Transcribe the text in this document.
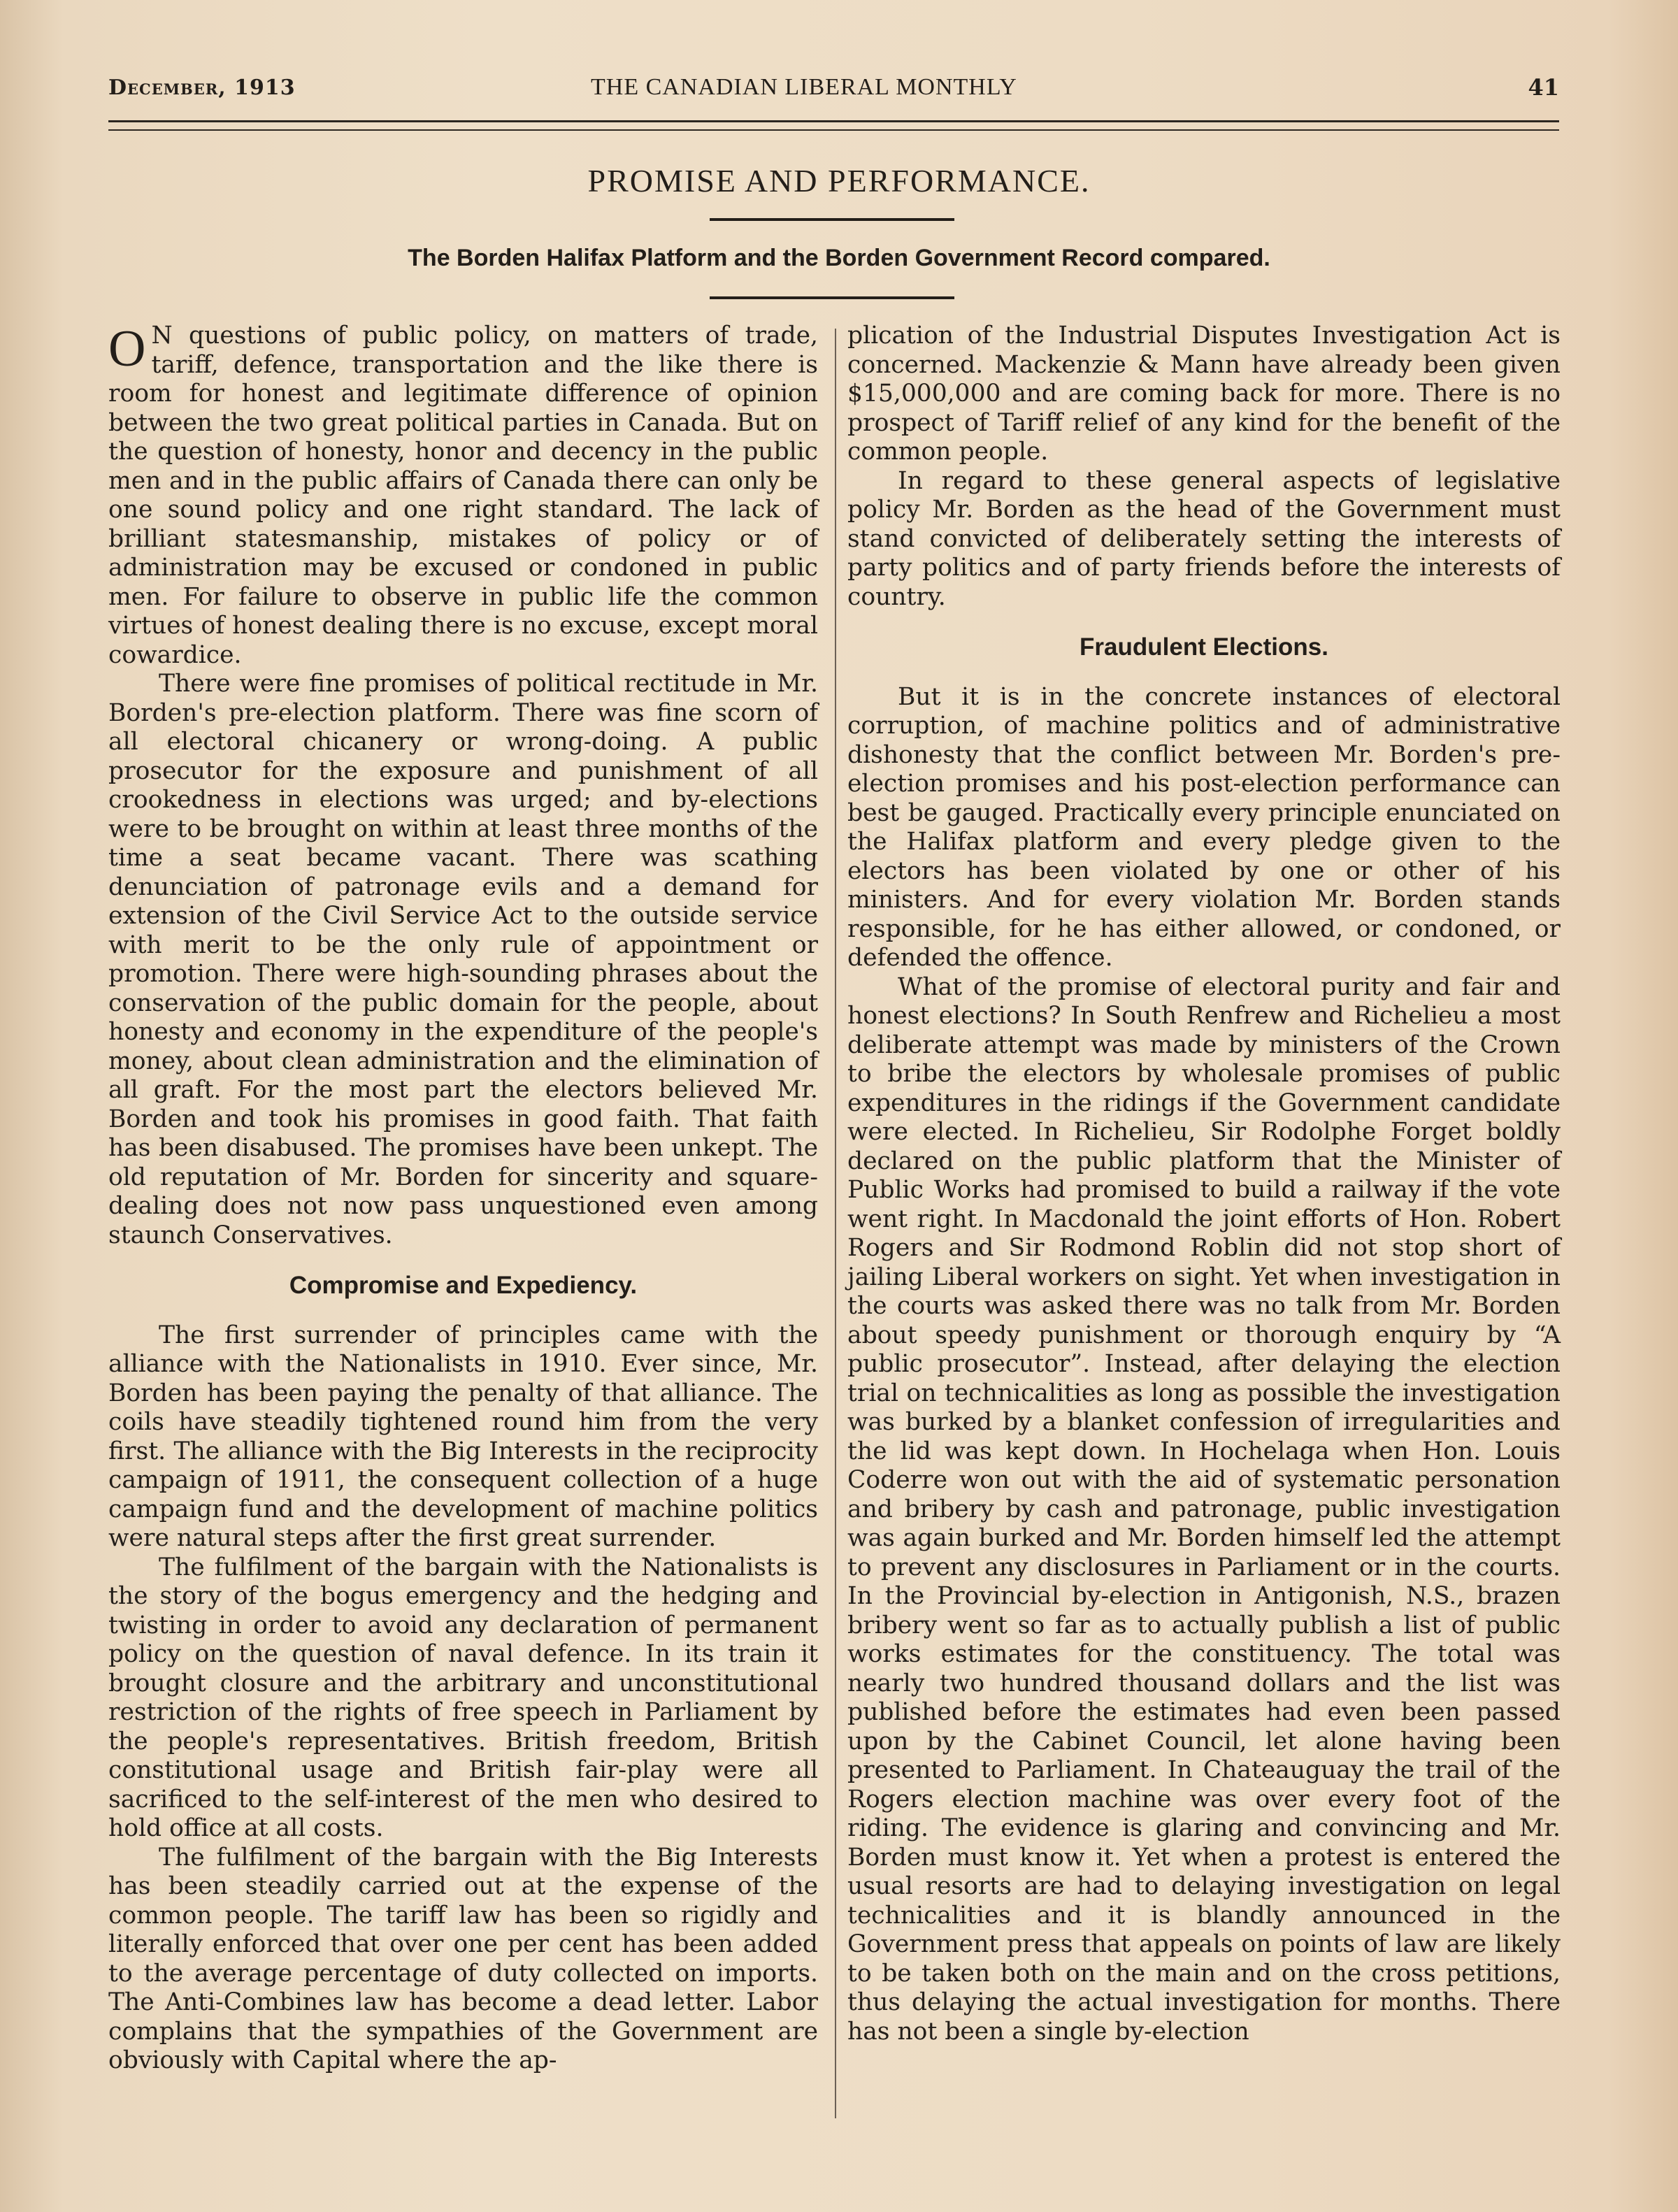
December, 1913	THE CANADIAN LIBERAL MONTHLY	41
PROMISE AND PERFORMANCE.
The Borden Halifax Platform and the Borden Government Record compared.

O N questions of public policy, on matters of trade, tariff, defence, transportation and the like there is room for honest and legitimate difference of opinion between the two great political parties in Canada. But on the question of honesty, honor and decency in the public men and in the public affairs of Canada there can only be one sound policy and one right standard. The lack of brilliant statesmanship, mistakes of policy or of administration may be excused or condoned in public men. For failure to observe in public life the common virtues of honest dealing there is no excuse, except moral cowardice.

There were fine promises of political rectitude in Mr. Borden's pre-election platform. There was fine scorn of all electoral chicanery or wrong-doing. A public prosecutor for the exposure and punishment of all crookedness in elections was urged; and by-elections were to be brought on within at least three months of the time a seat became vacant. There was scathing denunciation of patronage evils and a demand for extension of the Civil Service Act to the outside service with merit to be the only rule of appointment or promotion. There were high-sounding phrases about the conservation of the public domain for the people, about honesty and economy in the expenditure of the people's money, about clean administration and the elimination of all graft. For the most part the electors believed Mr. Borden and took his promises in good faith. That faith has been disabused. The promises have been unkept. The old reputation of Mr. Borden for sincerity and square-dealing does not now pass unquestioned even among staunch Conservatives.

Compromise and Expediency.

The first surrender of principles came with the alliance with the Nationalists in 1910. Ever since, Mr. Borden has been paying the penalty of that alliance. The coils have steadily tightened round him from the very first. The alliance with the Big Interests in the reciprocity campaign of 1911, the consequent collection of a huge campaign fund and the development of machine politics were natural steps after the first great surrender.

The fulfilment of the bargain with the Nationalists is the story of the bogus emergency and the hedging and twisting in order to avoid any declaration of permanent policy on the question of naval defence. In its train it brought closure and the arbitrary and unconstitutional restriction of the rights of free speech in Parliament by the people's representatives. British freedom, British constitutional usage and British fair-play were all sacrificed to the self-interest of the men who desired to hold office at all costs.

The fulfilment of the bargain with the Big Interests has been steadily carried out at the expense of the common people. The tariff law has been so rigidly and literally enforced that over one per cent has been added to the average percentage of duty collected on imports. The Anti-Combines law has become a dead letter. Labor complains that the sympathies of the Government are obviously with Capital where the ap-

plication of the Industrial Disputes Investigation Act is concerned. Mackenzie & Mann have already been given $15,000,000 and are coming back for more. There is no prospect of Tariff relief of any kind for the benefit of the common people.

In regard to these general aspects of legislative policy Mr. Borden as the head of the Government must stand convicted of deliberately setting the interests of party politics and of party friends before the interests of country.

Fraudulent Elections.

But it is in the concrete instances of electoral corruption, of machine politics and of administrative dishonesty that the conflict between Mr. Borden's pre-election promises and his post-election performance can best be gauged. Practically every principle enunciated on the Halifax platform and every pledge given to the electors has been violated by one or other of his ministers. And for every violation Mr. Borden stands responsible, for he has either allowed, or condoned, or defended the offence.

What of the promise of electoral purity and fair and honest elections? In South Renfrew and Richelieu a most deliberate attempt was made by ministers of the Crown to bribe the electors by wholesale promises of public expenditures in the ridings if the Government candidate were elected. In Richelieu, Sir Rodolphe Forget boldly declared on the public platform that the Minister of Public Works had promised to build a railway if the vote went right. In Macdonald the joint efforts of Hon. Robert Rogers and Sir Rodmond Roblin did not stop short of jailing Liberal workers on sight. Yet when investigation in the courts was asked there was no talk from Mr. Borden about speedy punishment or thorough enquiry by “A public prosecutor”. Instead, after delaying the election trial on technicalities as long as possible the investigation was burked by a blanket confession of irregularities and the lid was kept down. In Hochelaga when Hon. Louis Coderre won out with the aid of systematic personation and bribery by cash and patronage, public investigation was again burked and Mr. Borden himself led the attempt to prevent any disclosures in Parliament or in the courts. In the Provincial by-election in Antigonish, N.S., brazen bribery went so far as to actually publish a list of public works estimates for the constituency. The total was nearly two hundred thousand dollars and the list was published before the estimates had even been passed upon by the Cabinet Council, let alone having been presented to Parliament. In Chateauguay the trail of the Rogers election machine was over every foot of the riding. The evidence is glaring and convincing and Mr. Borden must know it. Yet when a protest is entered the usual resorts are had to delaying investigation on legal technicalities and it is blandly announced in the Government press that appeals on points of law are likely to be taken both on the main and on the cross petitions, thus delaying the actual investigation for months. There has not been a single by-election
